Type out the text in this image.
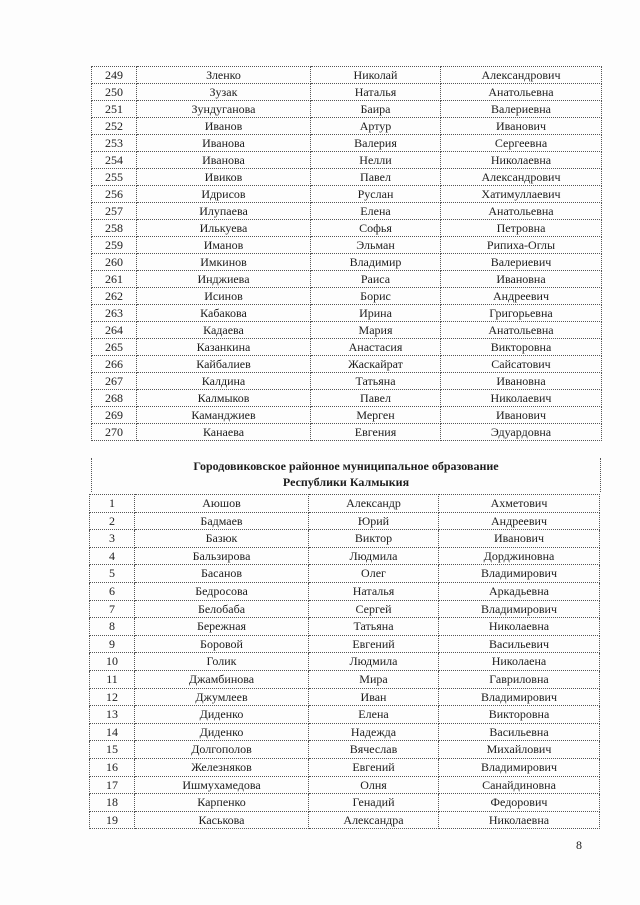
249	Зленко	Николай	Александрович
250	Зузак	Наталья	Анатольевна
251	Зундуганова	Баира	Валериевна
252	Иванов	Артур	Иванович
253	Иванова	Валерия	Сергеевна
254	Иванова	Нелли	Николаевна
255	Ивиков	Павел	Александрович
256	Идрисов	Руслан	Хатимуллаевич
257	Илупаева	Елена	Анатольевна
258	Илькуева	Софья	Петровна
259	Иманов	Эльман	Рипиха-Оглы
260	Имкинов	Владимир	Валериевич
261	Инджиева	Раиса	Ивановна
262	Исинов	Борис	Андреевич
263	Кабакова	Ирина	Григорьевна
264	Кадаева	Мария	Анатольевна
265	Казанкина	Анастасия	Викторовна
266	Кайбалиев	Жаскайрат	Сайсатович
267	Калдина	Татьяна	Ивановна
268	Калмыков	Павел	Николаевич
269	Каманджиев	Мерген	Иванович
270	Канаева	Евгения	Эдуардовна
Городовиковское районное муниципальное образование
Республики Калмыкия
1	Аюшов	Александр	Ахметович
2	Бадмаев	Юрий	Андреевич
3	Базюк	Виктор	Иванович
4	Бальзирова	Людмила	Дорджиновна
5	Басанов	Олег	Владимирович
6	Бедросова	Наталья	Аркадьевна
7	Белобаба	Сергей	Владимирович
8	Бережная	Татьяна	Николаевна
9	Боровой	Евгений	Васильевич
10	Голик	Людмила	Николаена
11	Джамбинова	Мира	Гавриловна
12	Джумлеев	Иван	Владимирович
13	Диденко	Елена	Викторовна
14	Диденко	Надежда	Васильевна
15	Долгополов	Вячеслав	Михайлович
16	Железняков	Евгений	Владимирович
17	Ишмухамедова	Олня	Санайдиновна
18	Карпенко	Генадий	Федорович
19	Каськова	Александра	Николаевна
8
